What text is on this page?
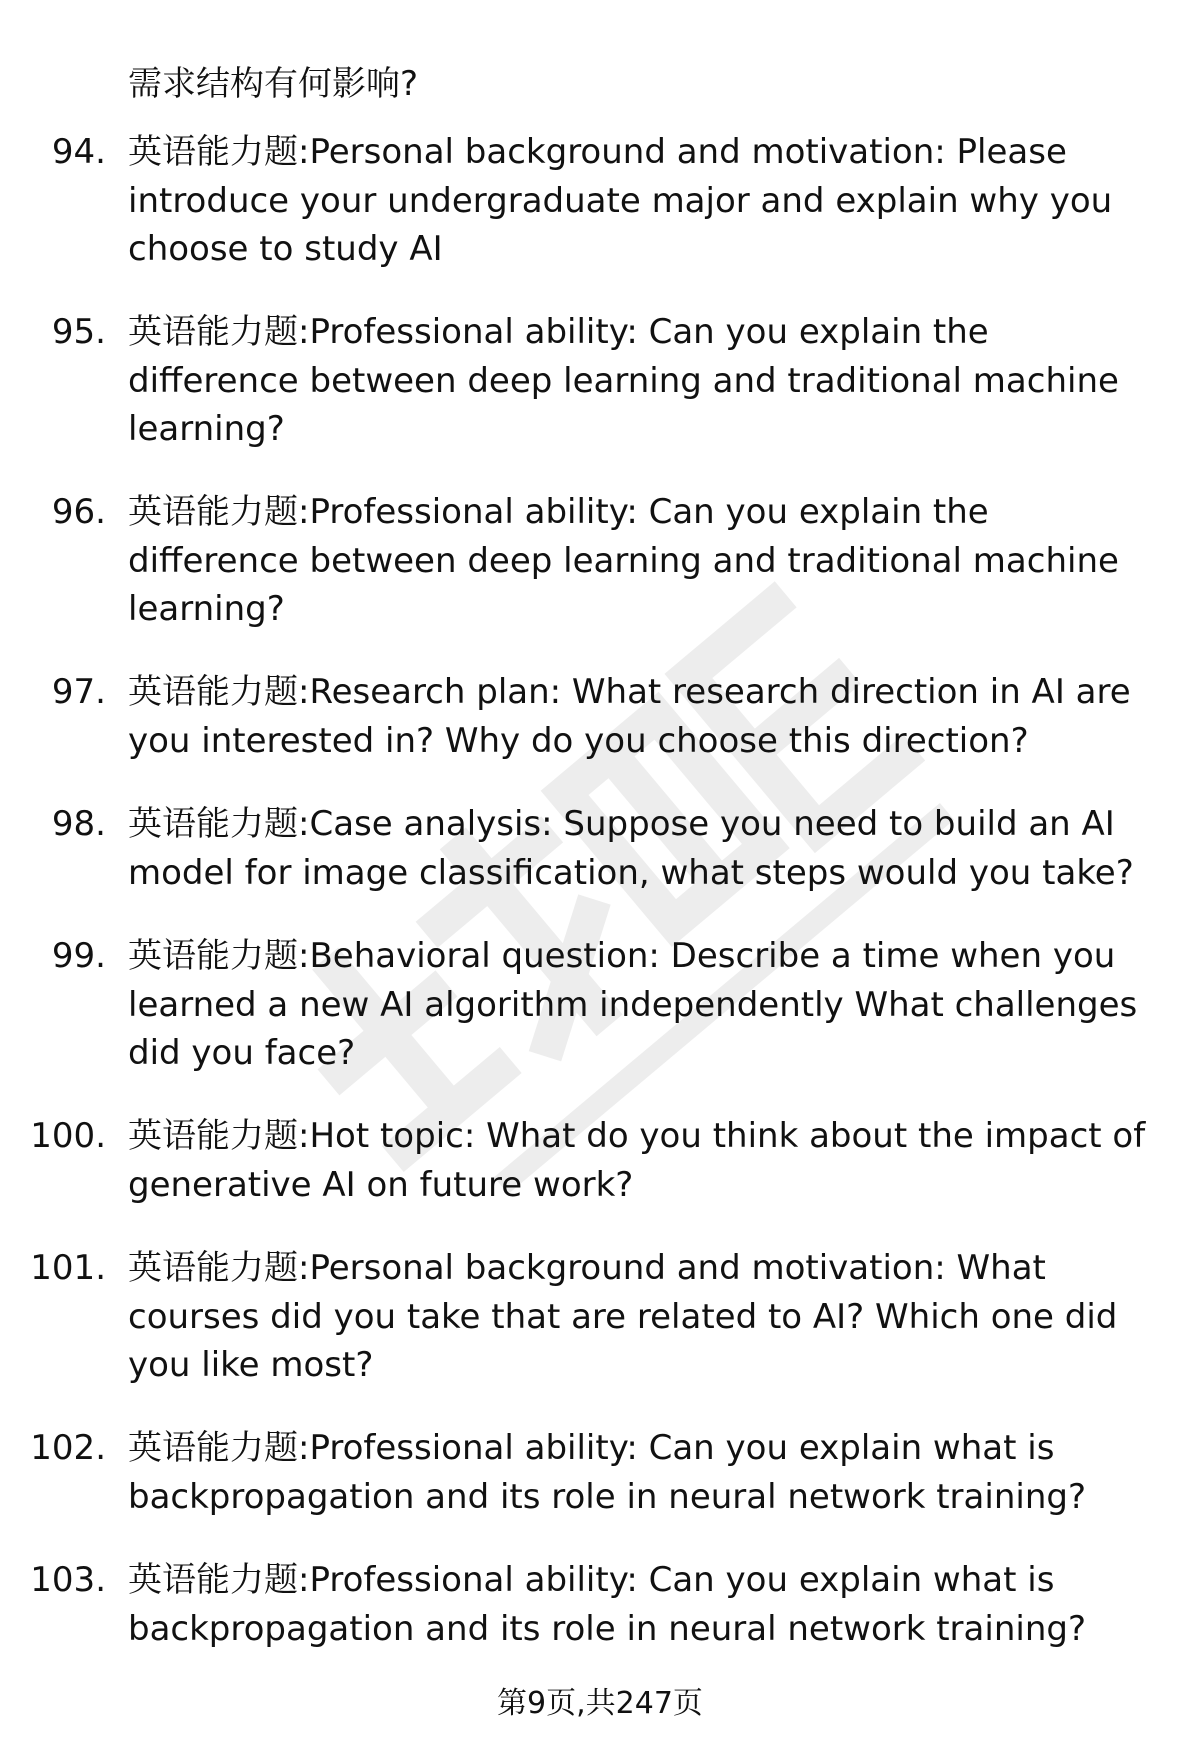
需求结构有何影响?
94. 英语能力题:Personal background and motivation: Please introduce your undergraduate major and explain why you choose to study AI
95. 英语能力题:Professional ability: Can you explain the difference between deep learning and traditional machine learning?
96. 英语能力题:Professional ability: Can you explain the difference between deep learning and traditional machine learning?
97. 英语能力题:Research plan: What research direction in AI are you interested in? Why do you choose this direction?
98. 英语能力题:Case analysis: Suppose you need to build an AI model for image classification, what steps would you take?
99. 英语能力题:Behavioral question: Describe a time when you learned a new AI algorithm independently What challenges did you face?
100. 英语能力题:Hot topic: What do you think about the impact of generative AI on future work?
101. 英语能力题:Personal background and motivation: What courses did you take that are related to AI? Which one did you like most?
102. 英语能力题:Professional ability: Can you explain what is backpropagation and its role in neural network training?
103. 英语能力题:Professional ability: Can you explain what is backpropagation and its role in neural network training?
第9页,共247页
